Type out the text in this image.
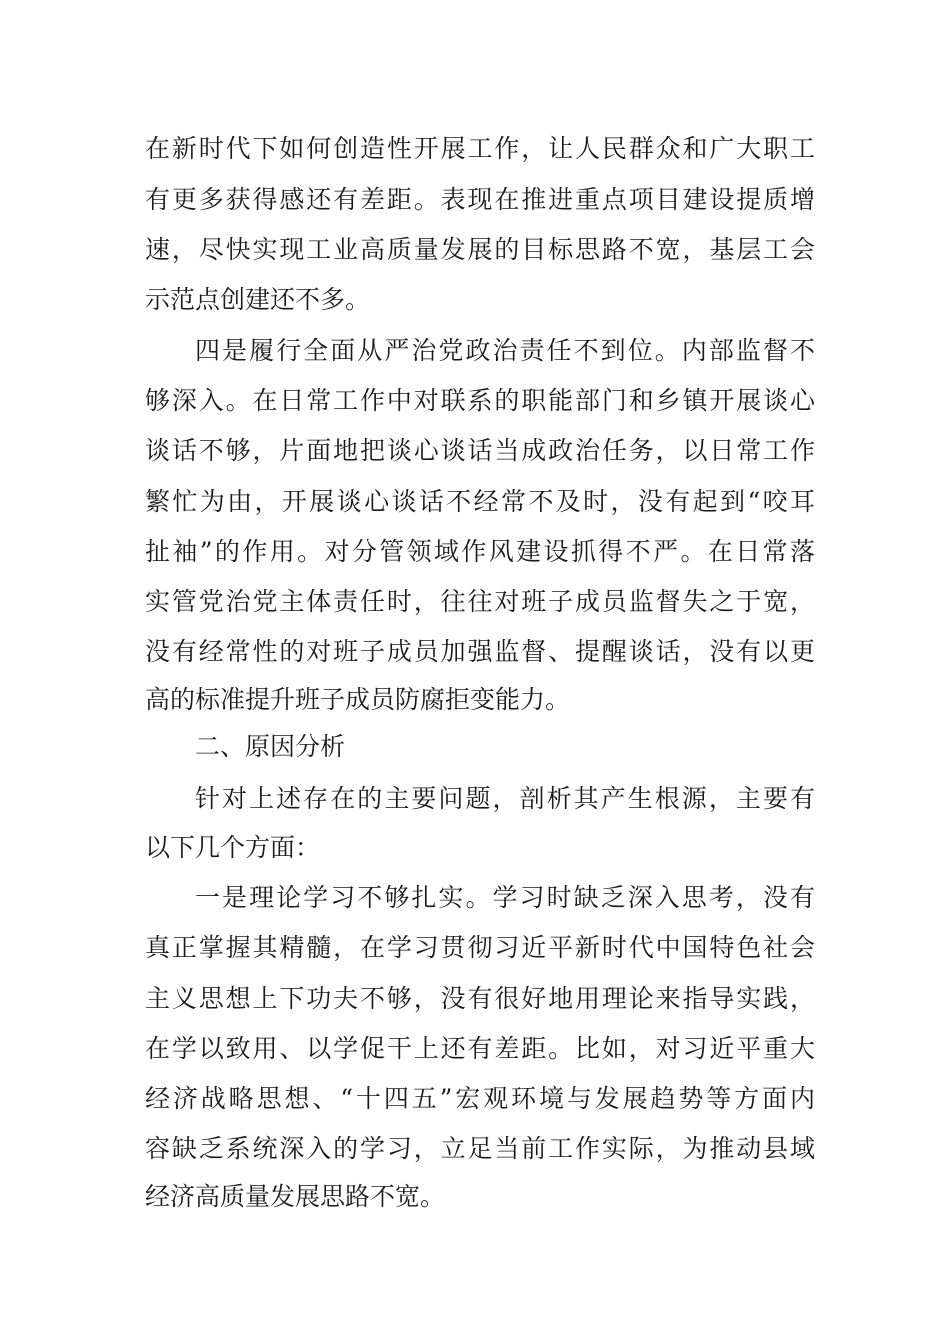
在新时代下如何创造性开展工作，让人民群众和广大职工
有更多获得感还有差距。表现在推进重点项目建设提质增
速，尽快实现工业高质量发展的目标思路不宽，基层工会
示范点创建还不多。
四是履行全面从严治党政治责任不到位。内部监督不
够深入。在日常工作中对联系的职能部门和乡镇开展谈心
谈话不够，片面地把谈心谈话当成政治任务，以日常工作
繁忙为由，开展谈心谈话不经常不及时，没有起到“咬耳
扯袖”的作用。对分管领域作风建设抓得不严。在日常落
实管党治党主体责任时，往往对班子成员监督失之于宽，
没有经常性的对班子成员加强监督、提醒谈话，没有以更
高的标准提升班子成员防腐拒变能力。
二、原因分析
针对上述存在的主要问题，剖析其产生根源，主要有
以下几个方面：
一是理论学习不够扎实。学习时缺乏深入思考，没有
真正掌握其精髓，在学习贯彻习近平新时代中国特色社会
主义思想上下功夫不够，没有很好地用理论来指导实践，
在学以致用、以学促干上还有差距。比如，对习近平重大
经济战略思想、“十四五”宏观环境与发展趋势等方面内
容缺乏系统深入的学习，立足当前工作实际，为推动县域
经济高质量发展思路不宽。
